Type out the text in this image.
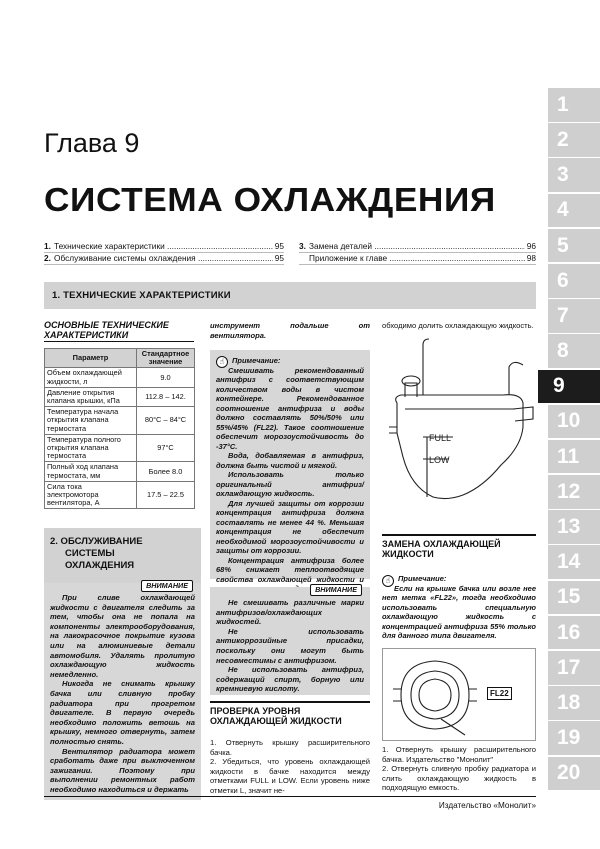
1
2
3
4
5
6
7
8
9
10
11
12
13
14
15
16
17
18
19
20
Глава 9
СИСТЕМА ОХЛАЖДЕНИЯ
1. Технические характеристики .....	95
2. Обслуживание системы охлаждения .....	95
3. Замена деталей .....	96
Приложение к главе .....	98
1. ТЕХНИЧЕСКИЕ ХАРАКТЕРИСТИКИ
ОСНОВНЫЕ ТЕХНИЧЕСКИЕ ХАРАКТЕРИСТИКИ
Параметр	Стандартное значение
Объем охлаждающей жидкости, л	9.0
Давление открытия клапана крышки, кПа	112.8 – 142.
Температура начала открытия клапана термостата	80°С – 84°С
Температура полного открытия клапана термостата	97°С
Полный ход клапана термостата, мм	Более 8.0
Сила тока электромотора вентилятора, А	17.5 – 22.5
2. ОБСЛУЖИВАНИЕ
СИСТЕМЫ
ОХЛАЖДЕНИЯ
ВНИМАНИЕ

При сливе охлаждающей жидкости с двигателя следить за тем, чтобы она не попала на компоненты электрооборудования, на лакокрасочное покрытие кузова или на алюминиевые детали автомобиля. Удалять пролитую охлаждающую жидкость немедленно.

Никогда не снимать крышку бачка или сливную пробку радиатора при прогретом двигателе. В первую очередь необходимо положить ветошь на крышку, немного отвернуть, затем полностью снять.

Вентилятор радиатора может сработать даже при выключенном зажигании. Поэтому при выполнении ремонтных работ необходимо находиться и держать

инструмент подальше от вентилятора.
☝	Примечание:

Смешивать рекомендованный антифриз с соответствующим количеством воды в чистом контейнере. Рекомендованное соотношение антифриза и воды должно составлять 50%/50% или 55%/45% (FL22). Такое соотношение обеспечит морозоустойчивость до -37°С.

Вода, добавляемая в антифриз, должна быть чистой и мягкой.

Использовать только оригинальный антифриз/охлаждающую жидкость.

Для лучшей защиты от коррозии концентрация антифриза должна составлять не менее 44 %. Меньшая концентрация не обеспечит необходимой морозоустойчивости и защиты от коррозии.

Концентрация антифриза более 68% снижает теплоотводящие свойства охлаждающей жидкости и

ВНИМАНИЕ

Не смешивать различные марки антифризов/охлаждающих жидкостей.

Не использовать антикоррозийные присадки, поскольку они могут быть несовместимы с антифризом.

Не использовать антифриз, содержащий спирт, борную или кремниевую кислоту.

ПРОВЕРКА УРОВНЯ ОХЛАЖДАЮЩЕЙ ЖИДКОСТИ

1. Отвернуть крышку расширительного бачка.

2. Убедиться, что уровень охлаждающей жидкости в бачке находится между отметками FULL и LOW. Если уровень ниже отметки L, значит не-

обходимо долить охлаждающую жидкость.
FULL
LOW
ЗАМЕНА ОХЛАЖДАЮЩЕЙ ЖИДКОСТИ
☝	Примечание:
Если на крышке бачка или возле нее нет метка «FL22», тогда необходимо использовать специальную охлаждающую жидкость с концентрацией антифриза 55% только для данного типа двигателя.
FL22

1. Отвернуть крышку расширительного бачка. Издательство "Монолит"

2. Отвернуть сливную пробку радиатора и слить охлаждающую жидкость в подходящую емкость.

Издательство «Монолит»
